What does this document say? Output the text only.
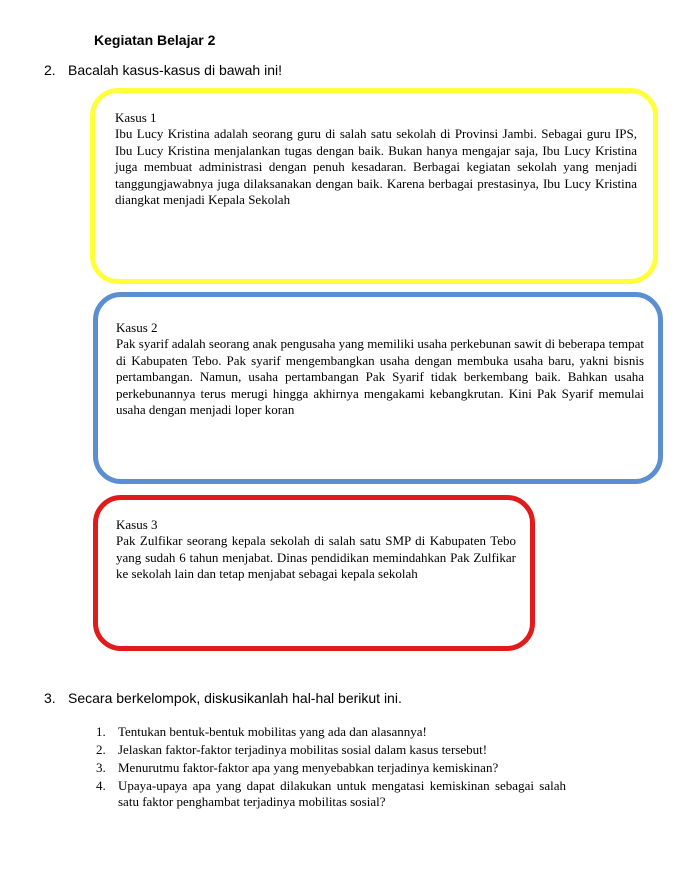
Kegiatan Belajar 2
2. Bacalah kasus-kasus di bawah ini!
Kasus 1
Ibu Lucy Kristina adalah seorang guru di salah satu sekolah di Provinsi Jambi. Sebagai guru IPS, Ibu Lucy Kristina menjalankan tugas dengan baik. Bukan hanya mengajar saja, Ibu Lucy Kristina juga membuat administrasi dengan penuh kesadaran. Berbagai kegiatan sekolah yang menjadi tanggungjawabnya juga dilaksanakan dengan baik. Karena berbagai prestasinya, Ibu Lucy Kristina diangkat menjadi Kepala Sekolah
Kasus 2
Pak syarif adalah seorang anak pengusaha yang memiliki usaha perkebunan sawit di beberapa tempat di Kabupaten Tebo. Pak syarif mengembangkan usaha dengan membuka usaha baru, yakni bisnis pertambangan. Namun, usaha pertambangan Pak Syarif tidak berkembang baik. Bahkan usaha perkebunannya terus merugi hingga akhirnya mengakami kebangkrutan. Kini Pak Syarif memulai usaha dengan menjadi loper koran
Kasus 3
Pak Zulfikar seorang kepala sekolah di salah satu SMP di Kabupaten Tebo yang sudah 6 tahun menjabat. Dinas pendidikan memindahkan Pak Zulfikar ke sekolah lain dan tetap menjabat sebagai kepala sekolah
3. Secara berkelompok, diskusikanlah hal-hal berikut ini.
1. Tentukan bentuk-bentuk mobilitas yang ada dan alasannya!
2. Jelaskan faktor-faktor terjadinya mobilitas sosial dalam kasus tersebut!
3. Menurutmu faktor-faktor apa yang menyebabkan terjadinya kemiskinan?
4. Upaya-upaya apa yang dapat dilakukan untuk mengatasi kemiskinan sebagai salah satu faktor penghambat terjadinya mobilitas sosial?
